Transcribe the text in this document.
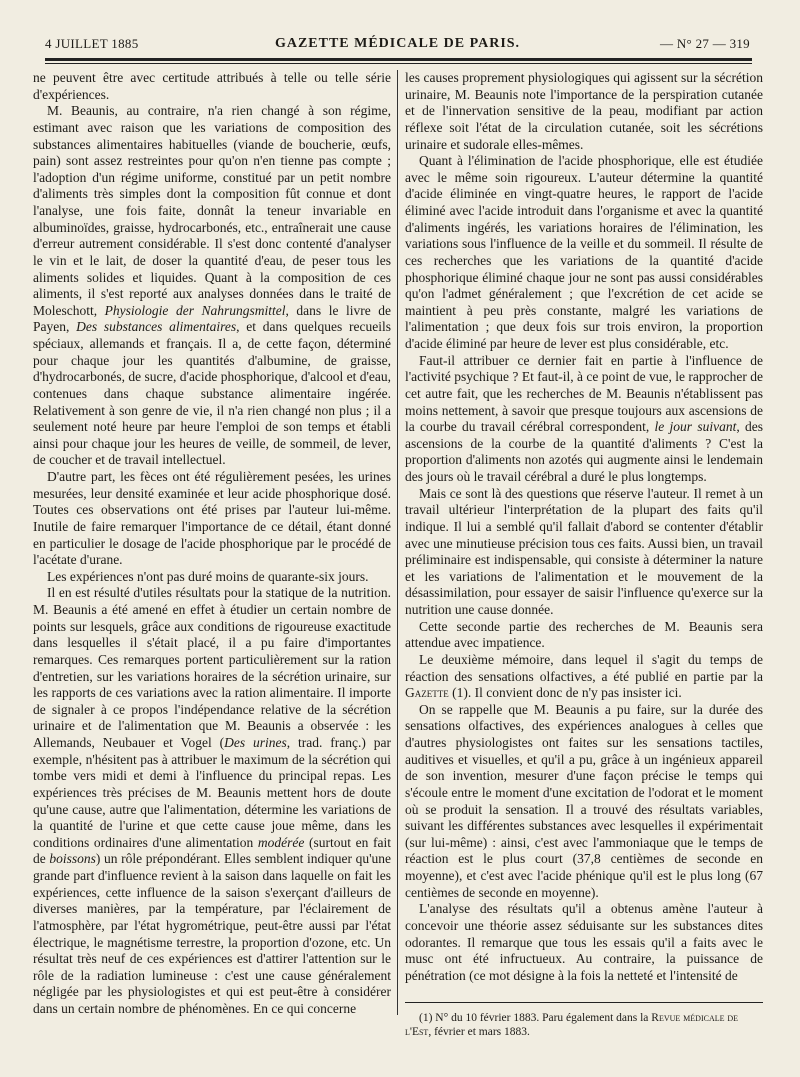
4 JUILLET 1885	GAZETTE MÉDICALE DE PARIS.	— N° 27 — 319

ne peuvent être avec certitude attribués à telle ou telle série d'expériences.

M. Beaunis, au contraire, n'a rien changé à son régime, estimant avec raison que les variations de composition des substances alimentaires habituelles (viande de boucherie, œufs, pain) sont assez restreintes pour qu'on n'en tienne pas compte ; l'adoption d'un régime uniforme, constitué par un petit nombre d'aliments très simples dont la composition fût connue et dont l'analyse, une fois faite, donnât la teneur invariable en albuminoïdes, graisse, hydrocarbonés, etc., entraînerait une cause d'erreur autrement considérable. Il s'est donc contenté d'analyser le vin et le lait, de doser la quantité d'eau, de peser tous les aliments solides et liquides. Quant à la composition de ces aliments, il s'est reporté aux analyses données dans le traité de Moleschott, Physiologie der Nahrungsmittel, dans le livre de Payen, Des substances alimentaires, et dans quelques recueils spéciaux, allemands et français. Il a, de cette façon, déterminé pour chaque jour les quantités d'albumine, de graisse, d'hydrocarbonés, de sucre, d'acide phosphorique, d'alcool et d'eau, contenues dans chaque substance alimentaire ingérée. Relativement à son genre de vie, il n'a rien changé non plus ; il a seulement noté heure par heure l'emploi de son temps et établi ainsi pour chaque jour les heures de veille, de sommeil, de lever, de coucher et de travail intellectuel.

D'autre part, les fèces ont été régulièrement pesées, les urines mesurées, leur densité examinée et leur acide phosphorique dosé. Toutes ces observations ont été prises par l'auteur lui-même. Inutile de faire remarquer l'importance de ce détail, étant donné en particulier le dosage de l'acide phosphorique par le procédé de l'acétate d'urane.

Les expériences n'ont pas duré moins de quarante-six jours.

Il en est résulté d'utiles résultats pour la statique de la nutrition. M. Beaunis a été amené en effet à étudier un certain nombre de points sur lesquels, grâce aux conditions de rigoureuse exactitude dans lesquelles il s'était placé, il a pu faire d'importantes remarques. Ces remarques portent particulièrement sur la ration d'entretien, sur les variations horaires de la sécrétion urinaire, sur les rapports de ces variations avec la ration alimentaire. Il importe de signaler à ce propos l'indépendance relative de la sécrétion urinaire et de l'alimentation que M. Beaunis a observée : les Allemands, Neubauer et Vogel (Des urines, trad. franç.) par exemple, n'hésitent pas à attribuer le maximum de la sécrétion qui tombe vers midi et demi à l'influence du principal repas. Les expériences très précises de M. Beaunis mettent hors de doute qu'une cause, autre que l'alimentation, détermine les variations de la quantité de l'urine et que cette cause joue même, dans les conditions ordinaires d'une alimentation modérée (surtout en fait de boissons) un rôle prépondérant. Elles semblent indiquer qu'une grande part d'influence revient à la saison dans laquelle on fait les expériences, cette influence de la saison s'exerçant d'ailleurs de diverses manières, par la température, par l'éclairement de l'atmosphère, par l'état hygrométrique, peut-être aussi par l'état électrique, le magnétisme terrestre, la proportion d'ozone, etc. Un résultat très neuf de ces expériences est d'attirer l'attention sur le rôle de la radiation lumineuse : c'est une cause généralement négligée par les physiologistes et qui est peut-être à considérer dans un certain nombre de phénomènes. En ce qui concerne

les causes proprement physiologiques qui agissent sur la sécrétion urinaire, M. Beaunis note l'importance de la perspiration cutanée et de l'innervation sensitive de la peau, modifiant par action réflexe soit l'état de la circulation cutanée, soit les sécrétions urinaire et sudorale elles-mêmes.

Quant à l'élimination de l'acide phosphorique, elle est étudiée avec le même soin rigoureux. L'auteur détermine la quantité d'acide éliminée en vingt-quatre heures, le rapport de l'acide éliminé avec l'acide introduit dans l'organisme et avec la quantité d'aliments ingérés, les variations horaires de l'élimination, les variations sous l'influence de la veille et du sommeil. Il résulte de ces recherches que les variations de la quantité d'acide phosphorique éliminé chaque jour ne sont pas aussi considérables qu'on l'admet généralement ; que l'excrétion de cet acide se maintient à peu près constante, malgré les variations de l'alimentation ; que deux fois sur trois environ, la proportion d'acide éliminé par heure de lever est plus considérable, etc.

Faut-il attribuer ce dernier fait en partie à l'influence de l'activité psychique ? Et faut-il, à ce point de vue, le rapprocher de cet autre fait, que les recherches de M. Beaunis n'établissent pas moins nettement, à savoir que presque toujours aux ascensions de la courbe du travail cérébral correspondent, le jour suivant, des ascensions de la courbe de la quantité d'aliments ? C'est la proportion d'aliments non azotés qui augmente ainsi le lendemain des jours où le travail cérébral a duré le plus longtemps.

Mais ce sont là des questions que réserve l'auteur. Il remet à un travail ultérieur l'interprétation de la plupart des faits qu'il indique. Il lui a semblé qu'il fallait d'abord se contenter d'établir avec une minutieuse précision tous ces faits. Aussi bien, un travail préliminaire est indispensable, qui consiste à déterminer la nature et les variations de l'alimentation et le mouvement de la désassimilation, pour essayer de saisir l'influence qu'exerce sur la nutrition une cause donnée.

Cette seconde partie des recherches de M. Beaunis sera attendue avec impatience.

Le deuxième mémoire, dans lequel il s'agit du temps de réaction des sensations olfactives, a été publié en partie par la Gazette (1). Il convient donc de n'y pas insister ici.

On se rappelle que M. Beaunis a pu faire, sur la durée des sensations olfactives, des expériences analogues à celles que d'autres physiologistes ont faites sur les sensations tactiles, auditives et visuelles, et qu'il a pu, grâce à un ingénieux appareil de son invention, mesurer d'une façon précise le temps qui s'écoule entre le moment d'une excitation de l'odorat et le moment où se produit la sensation. Il a trouvé des résultats variables, suivant les différentes substances avec lesquelles il expérimentait (sur lui-même) : ainsi, c'est avec l'ammoniaque que le temps de réaction est le plus court (37,8 centièmes de seconde en moyenne), et c'est avec l'acide phénique qu'il est le plus long (67 centièmes de seconde en moyenne).

L'analyse des résultats qu'il a obtenus amène l'auteur à concevoir une théorie assez séduisante sur les substances dites odorantes. Il remarque que tous les essais qu'il a faits avec le musc ont été infructueux. Au contraire, la puissance de pénétration (ce mot désigne à la fois la netteté et l'intensité de

(1) N° du 10 février 1883. Paru également dans la Revue médicale de l'Est, février et mars 1883.
